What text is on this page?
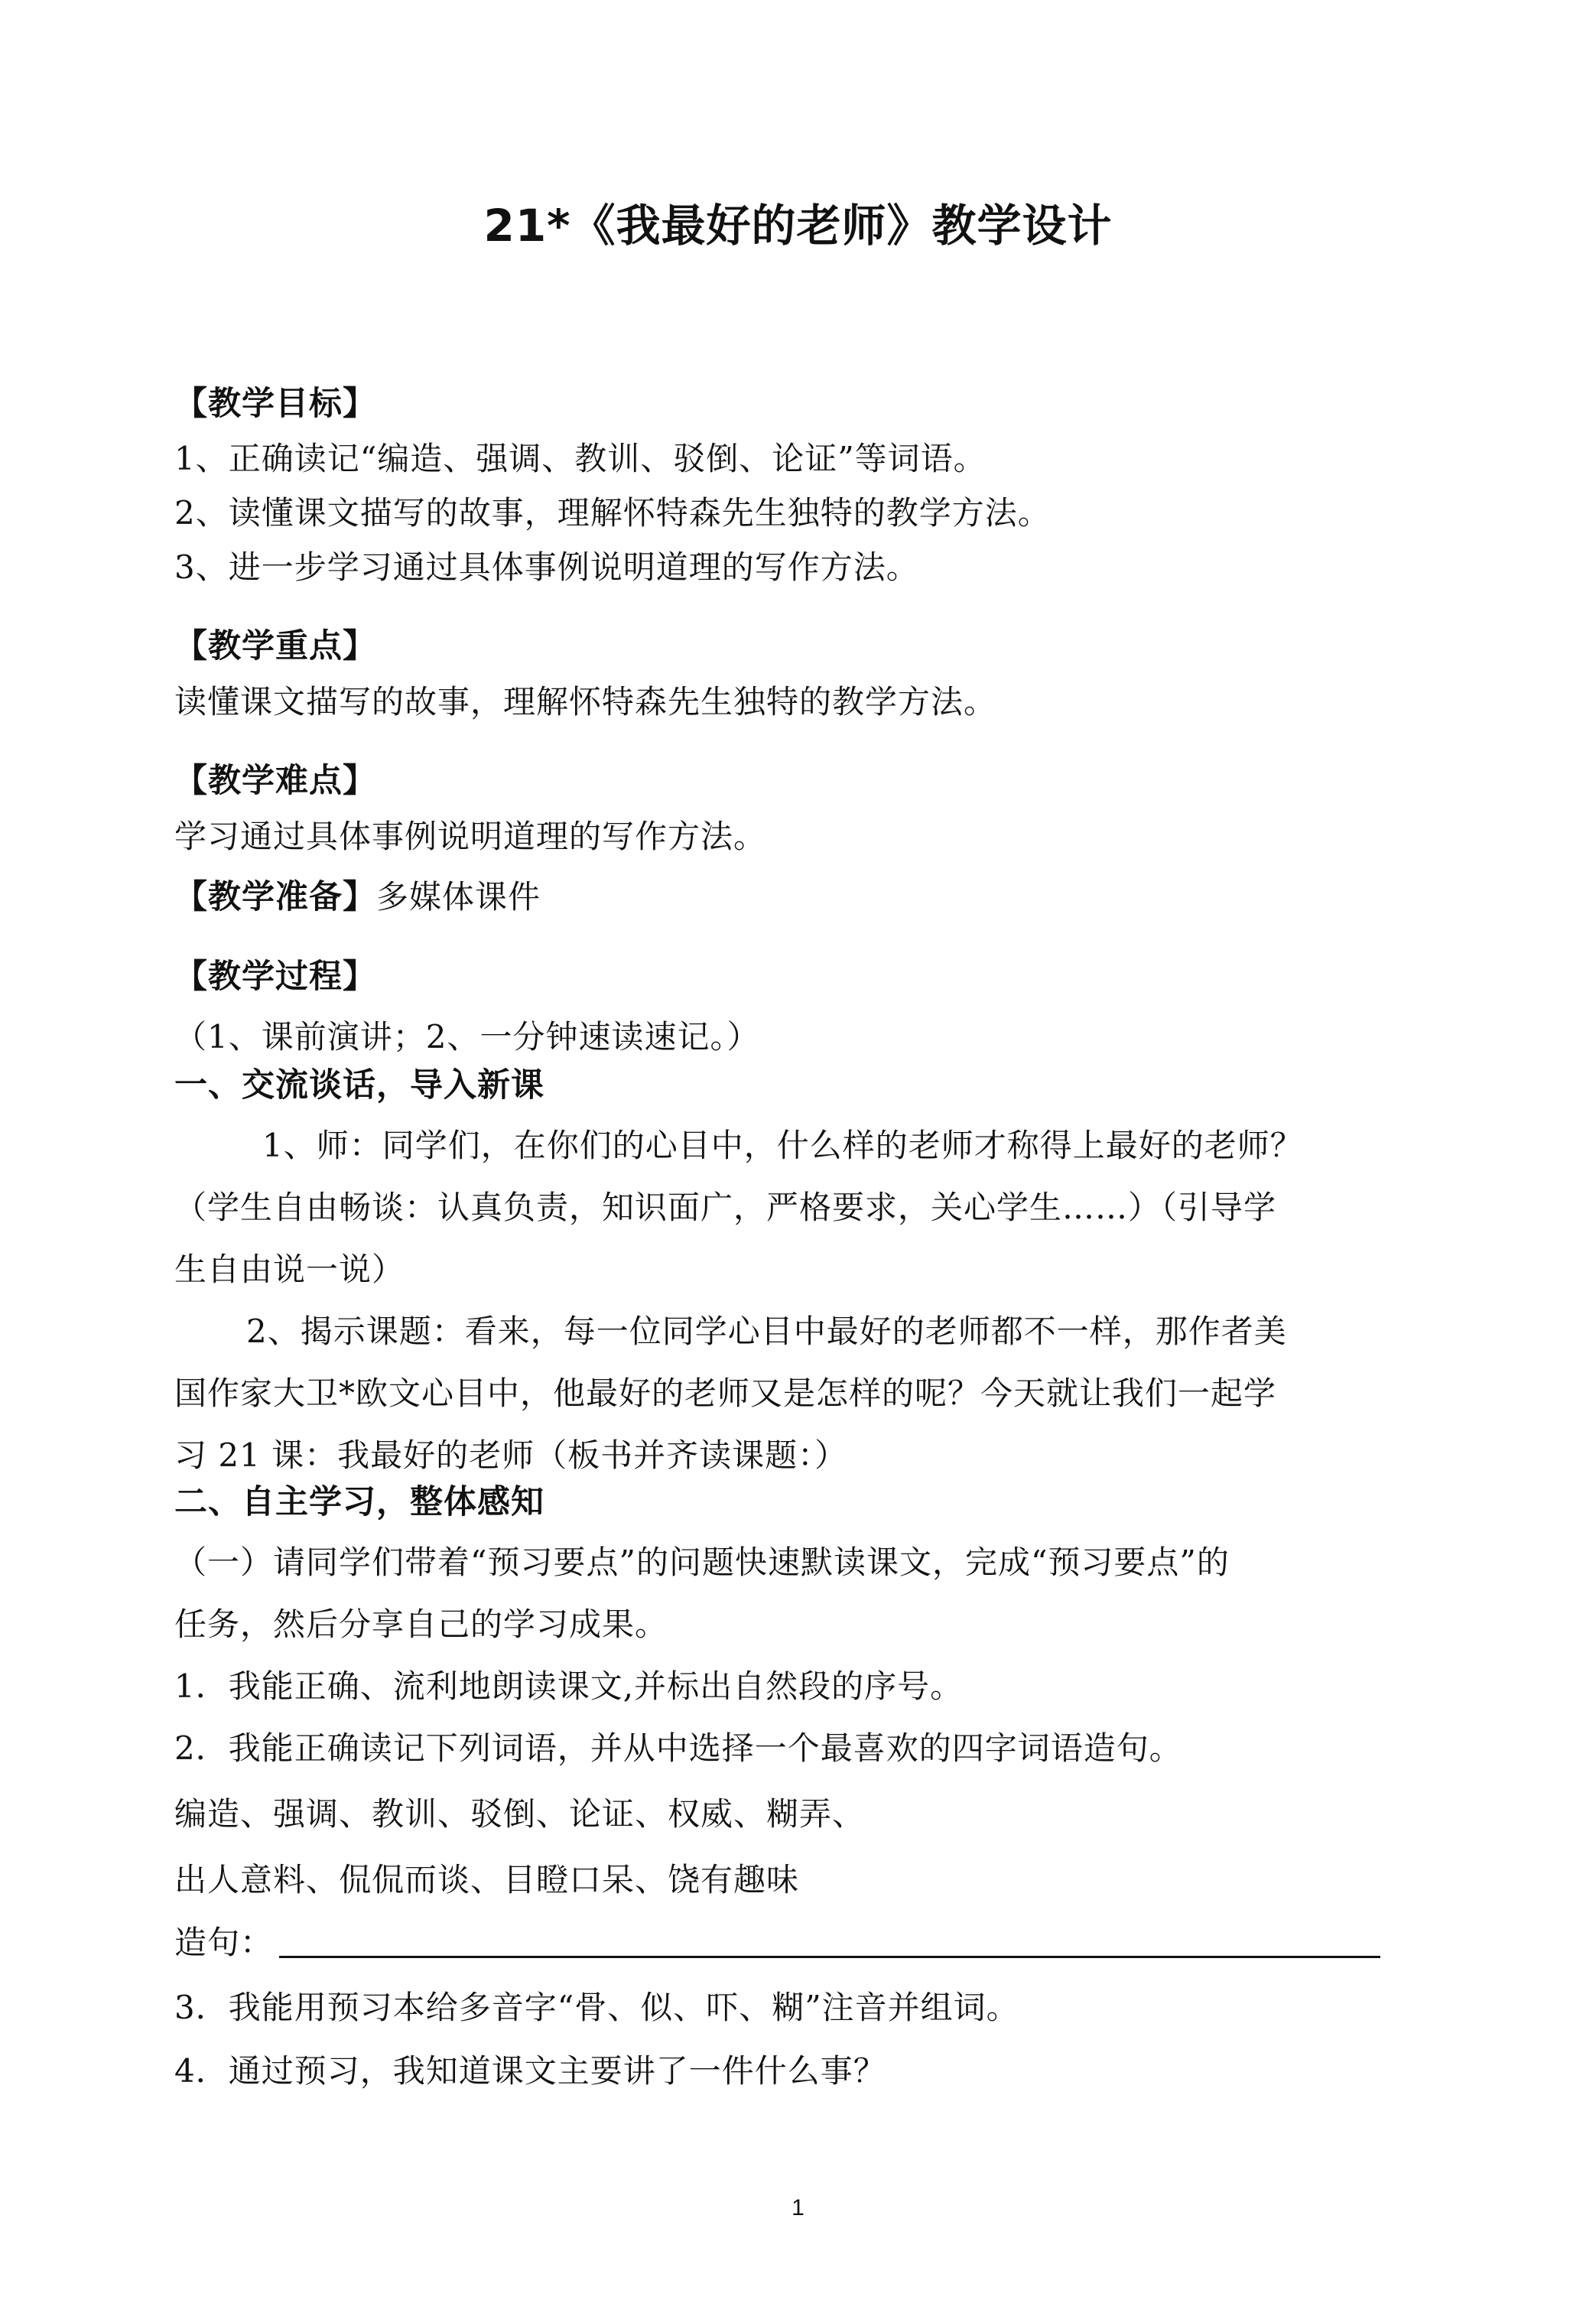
21*《我最好的老师》教学设计
【教学目标】
1、正确读记“编造、强调、教训、驳倒、论证”等词语。
2、读懂课文描写的故事，理解怀特森先生独特的教学方法。
3、进一步学习通过具体事例说明道理的写作方法。
【教学重点】
读懂课文描写的故事，理解怀特森先生独特的教学方法。
【教学难点】
学习通过具体事例说明道理的写作方法。
【教学准备】多媒体课件
【教学过程】
（1、课前演讲；2、一分钟速读速记。）
一、交流谈话，导入新课
1、师：同学们，在你们的心目中，什么样的老师才称得上最好的老师？
（学生自由畅谈：认真负责，知识面广，严格要求，关心学生……）（引导学
生自由说一说）
2、揭示课题：看来，每一位同学心目中最好的老师都不一样，那作者美
国作家大卫*欧文心目中，他最好的老师又是怎样的呢？今天就让我们一起学
习 21 课：我最好的老师（板书并齐读课题：）
二、自主学习，整体感知
（一）请同学们带着“预习要点”的问题快速默读课文，完成“预习要点”的
任务，然后分享自己的学习成果。
1．我能正确、流利地朗读课文,并标出自然段的序号。
2．我能正确读记下列词语，并从中选择一个最喜欢的四字词语造句。
编造、强调、教训、驳倒、论证、权威、糊弄、
出人意料、侃侃而谈、目瞪口呆、饶有趣味
造句：
3．我能用预习本给多音字“骨、似、吓、糊”注音并组词。
4．通过预习，我知道课文主要讲了一件什么事？
1
